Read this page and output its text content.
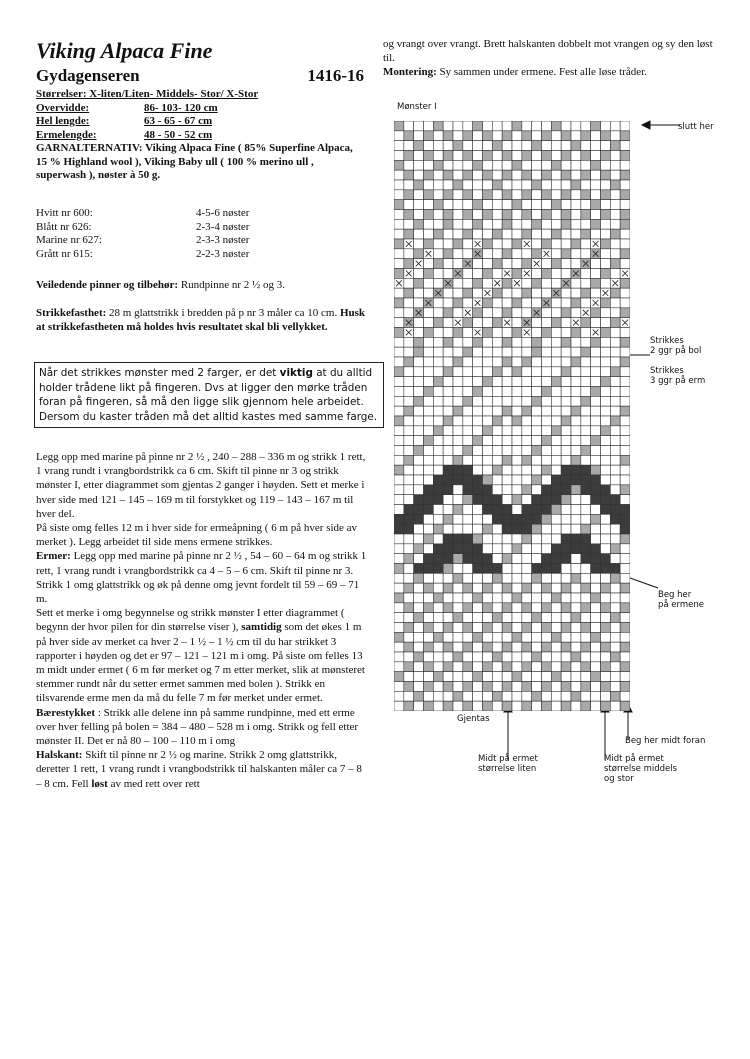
Viking Alpaca Fine
Gydagenseren	1416-16
Størrelser: X-liten/Liten- Middels- Stor/ X-Stor
Overvidde:	86- 103- 120 cm
Hel lengde:	63 - 65 - 67 cm
Ermelengde:	48 - 50 - 52 cm
GARNALTERNATIV: Viking Alpaca Fine ( 85% Superfine Alpaca, 15 % Highland wool ), Viking Baby ull ( 100 % merino ull , superwash ), nøster à 50 g.
Hvitt nr 600:	4-5-6 nøster
Blått nr 626:	2-3-4 nøster
Marine nr 627:	2-3-3 nøster
Grått nr 615:	2-2-3 nøster
Veiledende pinner og tilbehør: Rundpinne nr 2 ½ og 3.
Strikkefasthet: 28 m glattstrikk i bredden på p nr 3 måler ca 10 cm. Husk at strikkefastheten må holdes hvis resultatet skal bli vellykket.
Når det strikkes mønster med 2 farger, er det viktig at du alltid holder trådene likt på fingeren. Dvs at ligger den mørke tråden foran på fingeren, så må den ligge slik gjennom hele arbeidet. Dersom du kaster tråden må det alltid kastes med samme farge.
Legg opp med marine på pinne nr 2 ½ , 240 – 288 – 336 m og strikk 1 rett, 1 vrang rundt i vrangbordstrikk ca 6 cm. Skift til pinne nr 3 og strikk mønster I, etter diagrammet som gjentas 2 ganger i høyden. Sett et merke i hver side med 121 – 145 – 169 m til forstykket og 119 – 143 – 167 m til hver del.
På siste omg felles 12 m i hver side for ermeåpning ( 6 m på hver side av merket ). Legg arbeidet til side mens ermene strikkes.
Ermer: Legg opp med marine på pinne nr 2 ½ , 54 – 60 – 64 m og strikk 1 rett, 1 vrang rundt i vrangbordstrikk ca 4 – 5 – 6 cm. Skift til pinne nr 3. Strikk 1 omg glattstrikk og øk på denne omg jevnt fordelt til 59 – 69 – 71 m.
Sett et merke i omg begynnelse og strikk mønster I etter diagrammet ( begynn der hvor pilen for din størrelse viser ), samtidig som det økes 1 m på hver side av merket ca hver 2 – 1 ½ – 1 ½ cm til du har strikket 3 rapporter i høyden og det er 97 – 121 – 121 m i omg. På siste om felles 13 m midt under ermet ( 6 m før merket og 7 m etter merket, slik at mønsteret stemmer rundt når du setter ermet sammen med bolen ). Strikk en tilsvarende erme men da må du felle 7 m før merket under ermet.
Bærestykket : Strikk alle delene inn på samme rundpinne, med ett erme over hver felling på bolen = 384 – 480 – 528 m i omg. Strikk og fell etter mønster II. Det er nå 80 – 100 – 110 m i omg
Halskant: Skift til pinne nr 2 ½ og marine. Strikk 2 omg glattstrikk, deretter 1 rett, 1 vrang rundt i vrangbodstrikk til halskanten måler ca 7 – 8 – 8 cm. Fell løst av med rett over rett
og vrangt over vrangt. Brett halskanten dobbelt mot vrangen og sy den løst til.
Montering: Sy sammen under ermene. Fest alle løse tråder.
Mønster I
slutt her
Strikkes
2 ggr på bol
Strikkes
3 ggr på erm
Beg her
på ermene
Gjentas
Beg her midt foran
Midt på ermet
størrelse liten
Midt på ermet
størrelse middels
og stor
